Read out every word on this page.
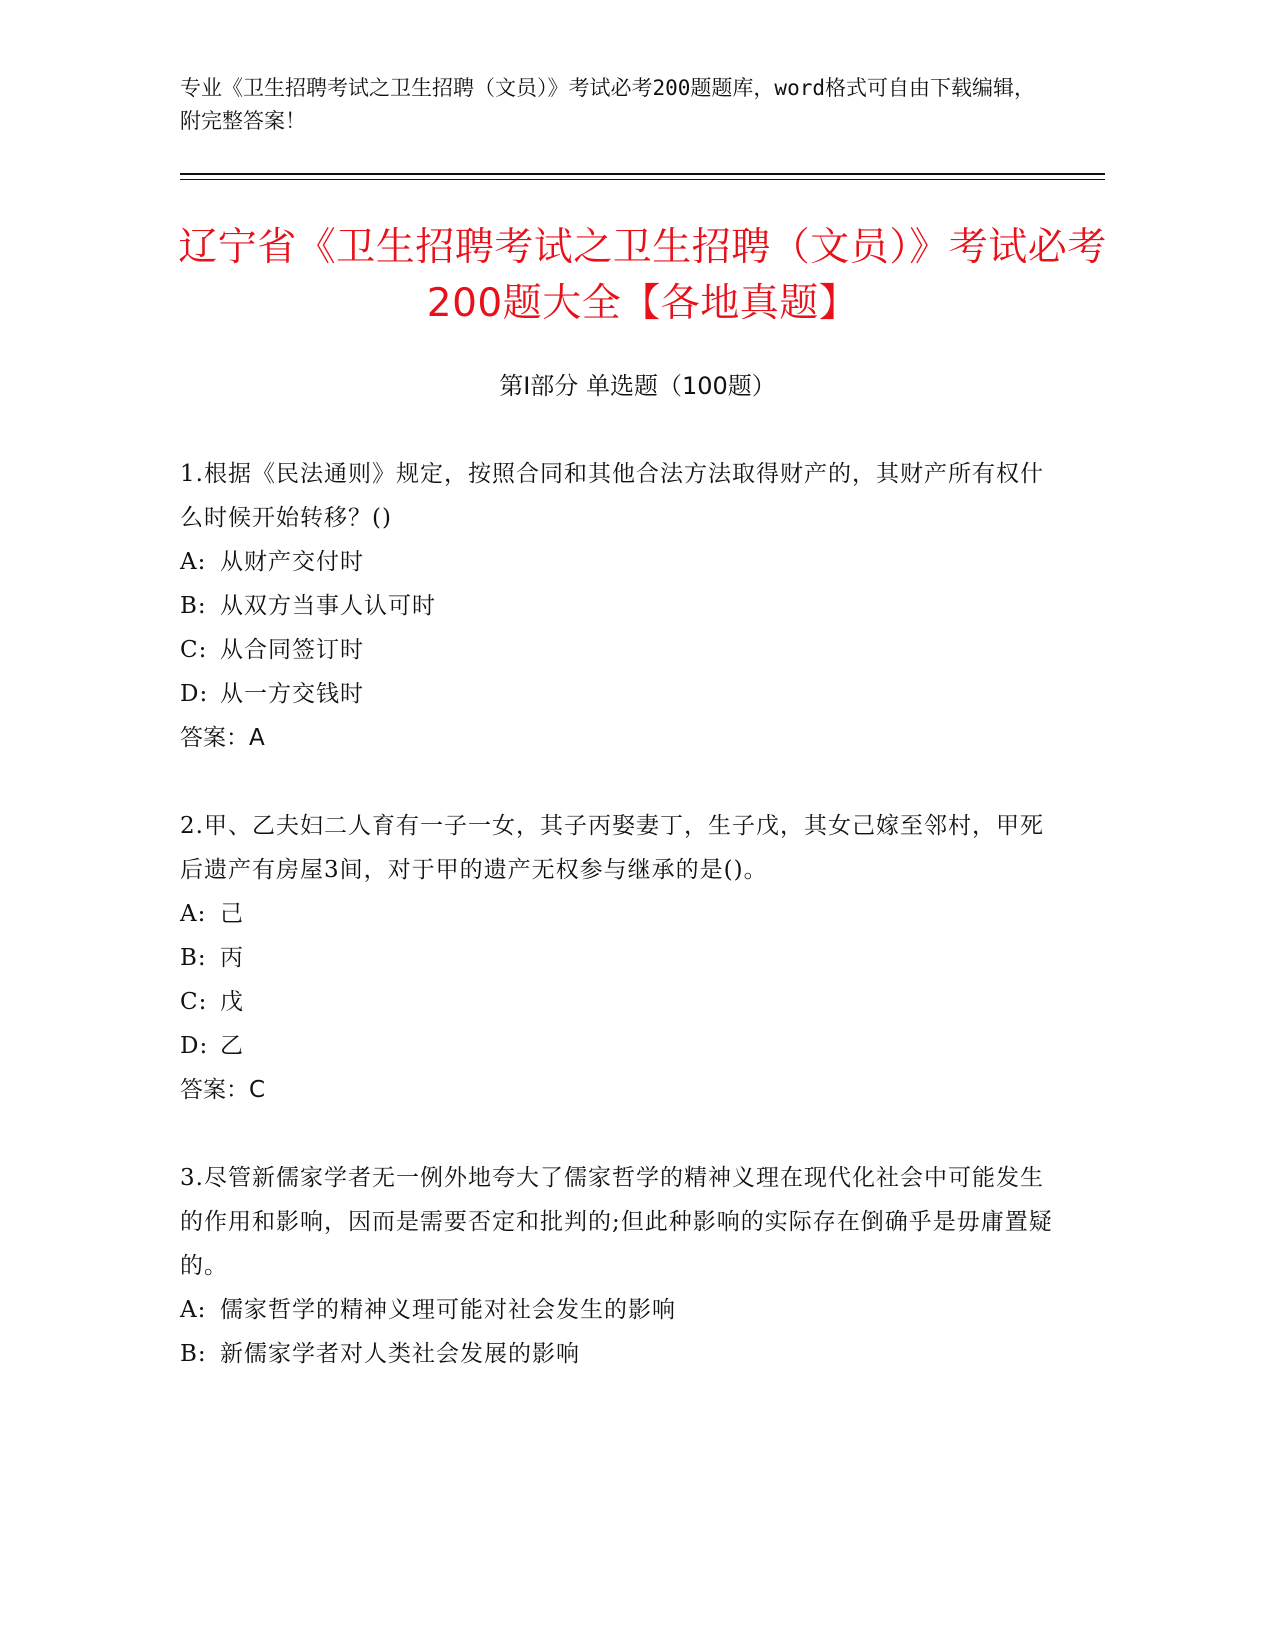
专业《卫生招聘考试之卫生招聘（文员）》考试必考200题题库，word格式可自由下载编辑，附完整答案！
辽宁省《卫生招聘考试之卫生招聘（文员）》考试必考200题大全【各地真题】
第Ⅰ部分 单选题（100题）
1.根据《民法通则》规定，按照合同和其他合法方法取得财产的，其财产所有权什么时候开始转移？()
A: 从财产交付时
B: 从双方当事人认可时
C: 从合同签订时
D: 从一方交钱时
答案：A
2.甲、乙夫妇二人育有一子一女，其子丙娶妻丁，生子戊，其女己嫁至邻村，甲死后遗产有房屋3间，对于甲的遗产无权参与继承的是()。
A: 己
B: 丙
C: 戊
D: 乙
答案：C
3.尽管新儒家学者无一例外地夸大了儒家哲学的精神义理在现代化社会中可能发生的作用和影响，因而是需要否定和批判的;但此种影响的实际存在倒确乎是毋庸置疑的。
A: 儒家哲学的精神义理可能对社会发生的影响
B: 新儒家学者对人类社会发展的影响
